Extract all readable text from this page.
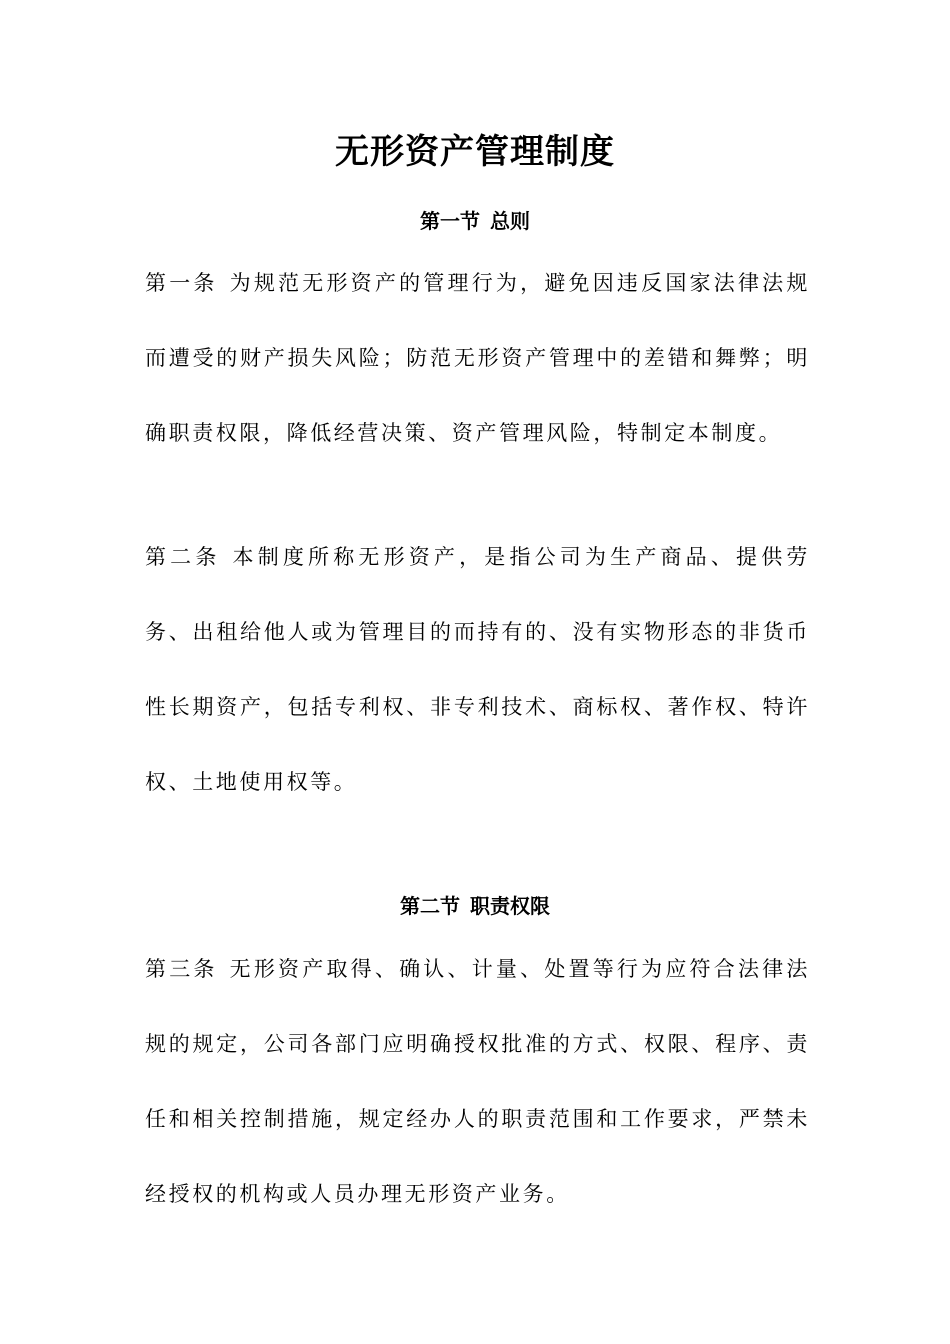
无形资产管理制度
第一节 总则

第一条 为规范无形资产的管理行为，避免因违反国家法律法规而遭受的财产损失风险；防范无形资产管理中的差错和舞弊；明确职责权限，降低经营决策、资产管理风险，特制定本制度。

第二条 本制度所称无形资产，是指公司为生产商品、提供劳务、出租给他人或为管理目的而持有的、没有实物形态的非货币性长期资产，包括专利权、非专利技术、商标权、著作权、特许权、土地使用权等。

第二节 职责权限

第三条 无形资产取得、确认、计量、处置等行为应符合法律法规的规定，公司各部门应明确授权批准的方式、权限、程序、责任和相关控制措施，规定经办人的职责范围和工作要求，严禁未经授权的机构或人员办理无形资产业务。
